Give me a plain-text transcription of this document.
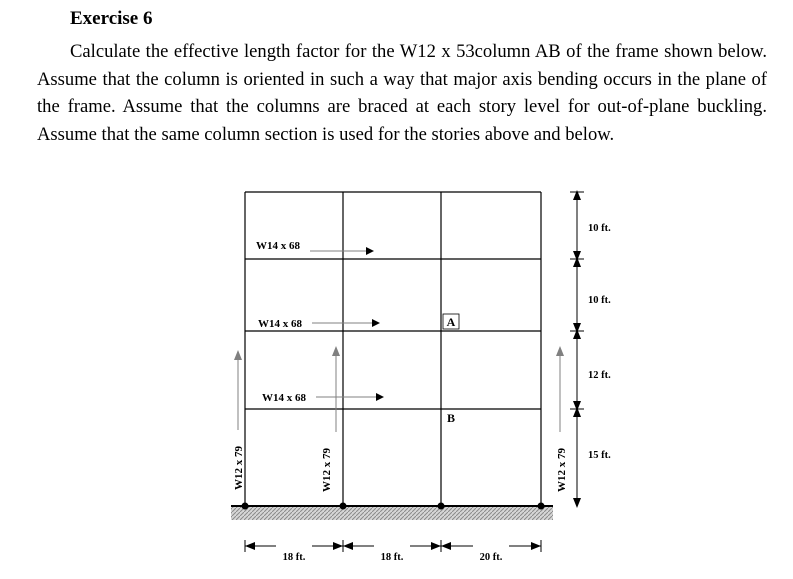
Exercise 6

Calculate the effective length factor for the W12 x 53column AB of the frame shown below. Assume that the column is oriented in such a way that major axis bending occurs in the plane of the frame. Assume that the columns are braced at each story level for out-of-plane buckling. Assume that the same column section is used for the stories above and below.

W14 x 68
W14 x 68
W14 x 68
W12 x 79	W12 x 79	W12 x 79
A
B
10 ft.
10 ft.
12 ft.
15 ft.
18 ft.	18 ft.	20 ft.
